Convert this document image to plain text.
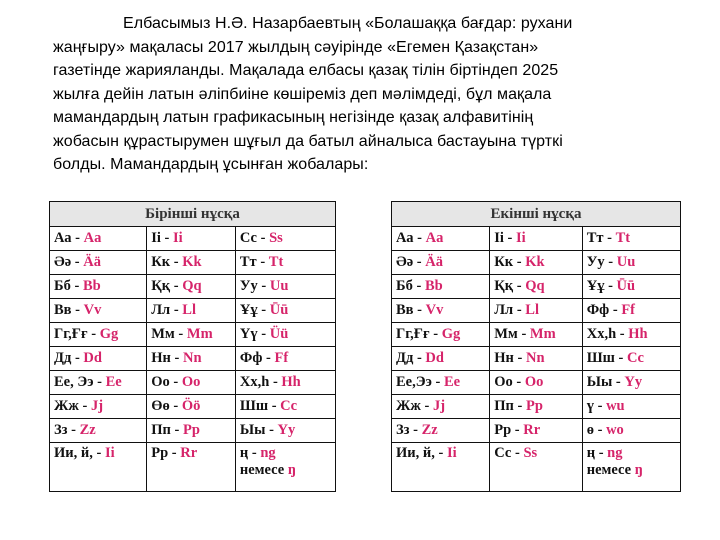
Елбасымыз Н.Ә. Назарбаевтың «Болашаққа бағдар: рухани
жаңғыру» мақаласы 2017 жылдың сәуірінде «Егемен Қазақстан»
газетінде жарияланды. Мақалада елбасы қазақ тілін біртіндеп 2025
жылға дейін латын әліпбиіне көшіреміз деп мәлімдеді, бұл мақала
мамандардың латын графикасының негізінде қазақ алфавитінің
жобасын құрастырумен шұғыл да батыл айналыса бастауына түрткі
болды. Мамандардың ұсынған жобалары:
Бірінші нұсқа		
Аа - Aa	Іі - Ii	Сс - Ss
Әә - Ää	Кк - Kk	Тт - Tt
Бб - Bb	Ққ - Qq	Уу - Uu
Вв - Vv	Лл - Ll	Ұұ - Ūū
Гг,Ғғ - Gg	Мм - Mm	Үү - Üü
Дд - Dd	Нн - Nn	Фф - Ff
Ее, Ээ - Ee	Оо - Oo	Хх,һ - Hh
Жж - Jj	Өө - Öö	Шш - Cc
Зз - Zz	Пп - Pp	Ыы - Yy
Ии, й, - Ii	Рр - Rr	ң - ng
немесе ŋ
Екінші нұсқа		
Аа - Aa	Іі - Ii	Тт - Tt
Әә - Ää	Кк - Kk	Уу - Uu
Бб - Bb	Ққ - Qq	Ұұ - Ūū
Вв - Vv	Лл - Ll	Фф - Ff
Гг,Ғғ - Gg	Мм - Mm	Хх,һ - Hh
Дд - Dd	Нн - Nn	Шш - Cc
Ее,Ээ - Ee	Оо - Oo	Ыы - Yy
Жж - Jj	Пп - Pp	ү - wu
Зз - Zz	Рр - Rr	ө - wo
Ии, й, - Ii	Сс - Ss	ң - ng
немесе ŋ
